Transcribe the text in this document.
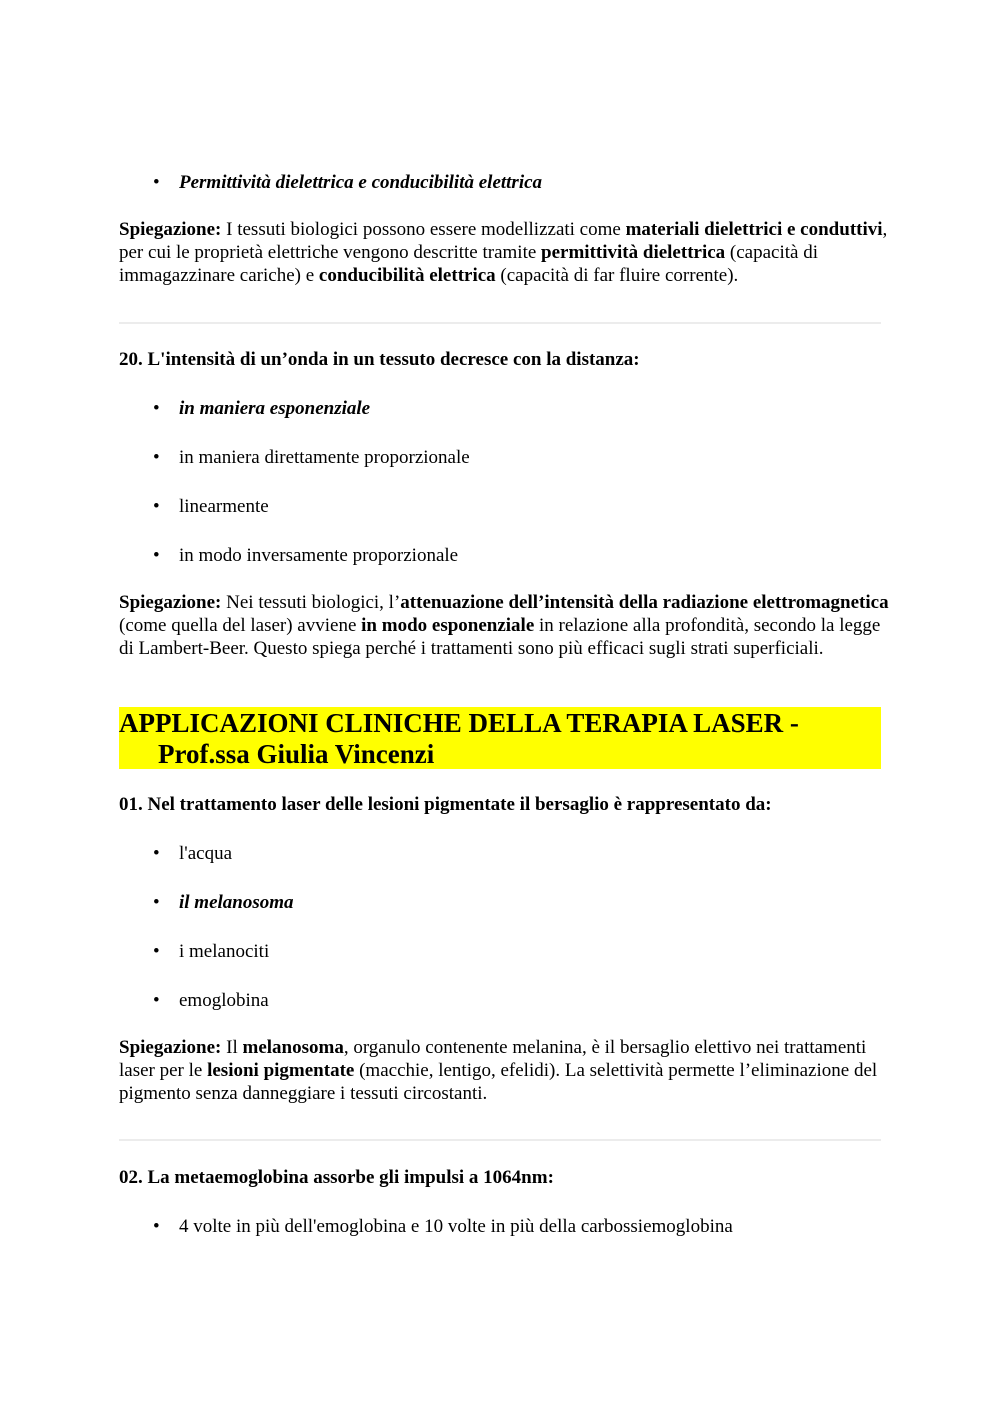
• Permittività dielettrica e conducibilità elettrica
Spiegazione: I tessuti biologici possono essere modellizzati come materiali dielettrici e conduttivi, per cui le proprietà elettriche vengono descritte tramite permittività dielettrica (capacità di immagazzinare cariche) e conducibilità elettrica (capacità di far fluire corrente).
20. L'intensità di un’onda in un tessuto decresce con la distanza:
• in maniera esponenziale
• in maniera direttamente proporzionale
• linearmente
• in modo inversamente proporzionale
Spiegazione: Nei tessuti biologici, l’attenuazione dell’intensità della radiazione elettromagnetica (come quella del laser) avviene in modo esponenziale in relazione alla profondità, secondo la legge di Lambert-Beer. Questo spiega perché i trattamenti sono più efficaci sugli strati superficiali.
APPLICAZIONI CLINICHE DELLA TERAPIA LASER -
Prof.ssa Giulia Vincenzi
01. Nel trattamento laser delle lesioni pigmentate il bersaglio è rappresentato da:
• l'acqua
• il melanosoma
• i melanociti
• emoglobina
Spiegazione: Il melanosoma, organulo contenente melanina, è il bersaglio elettivo nei trattamenti laser per le lesioni pigmentate (macchie, lentigo, efelidi). La selettività permette l’eliminazione del pigmento senza danneggiare i tessuti circostanti.
02. La metaemoglobina assorbe gli impulsi a 1064nm:
• 4 volte in più dell'emoglobina e 10 volte in più della carbossiemoglobina
